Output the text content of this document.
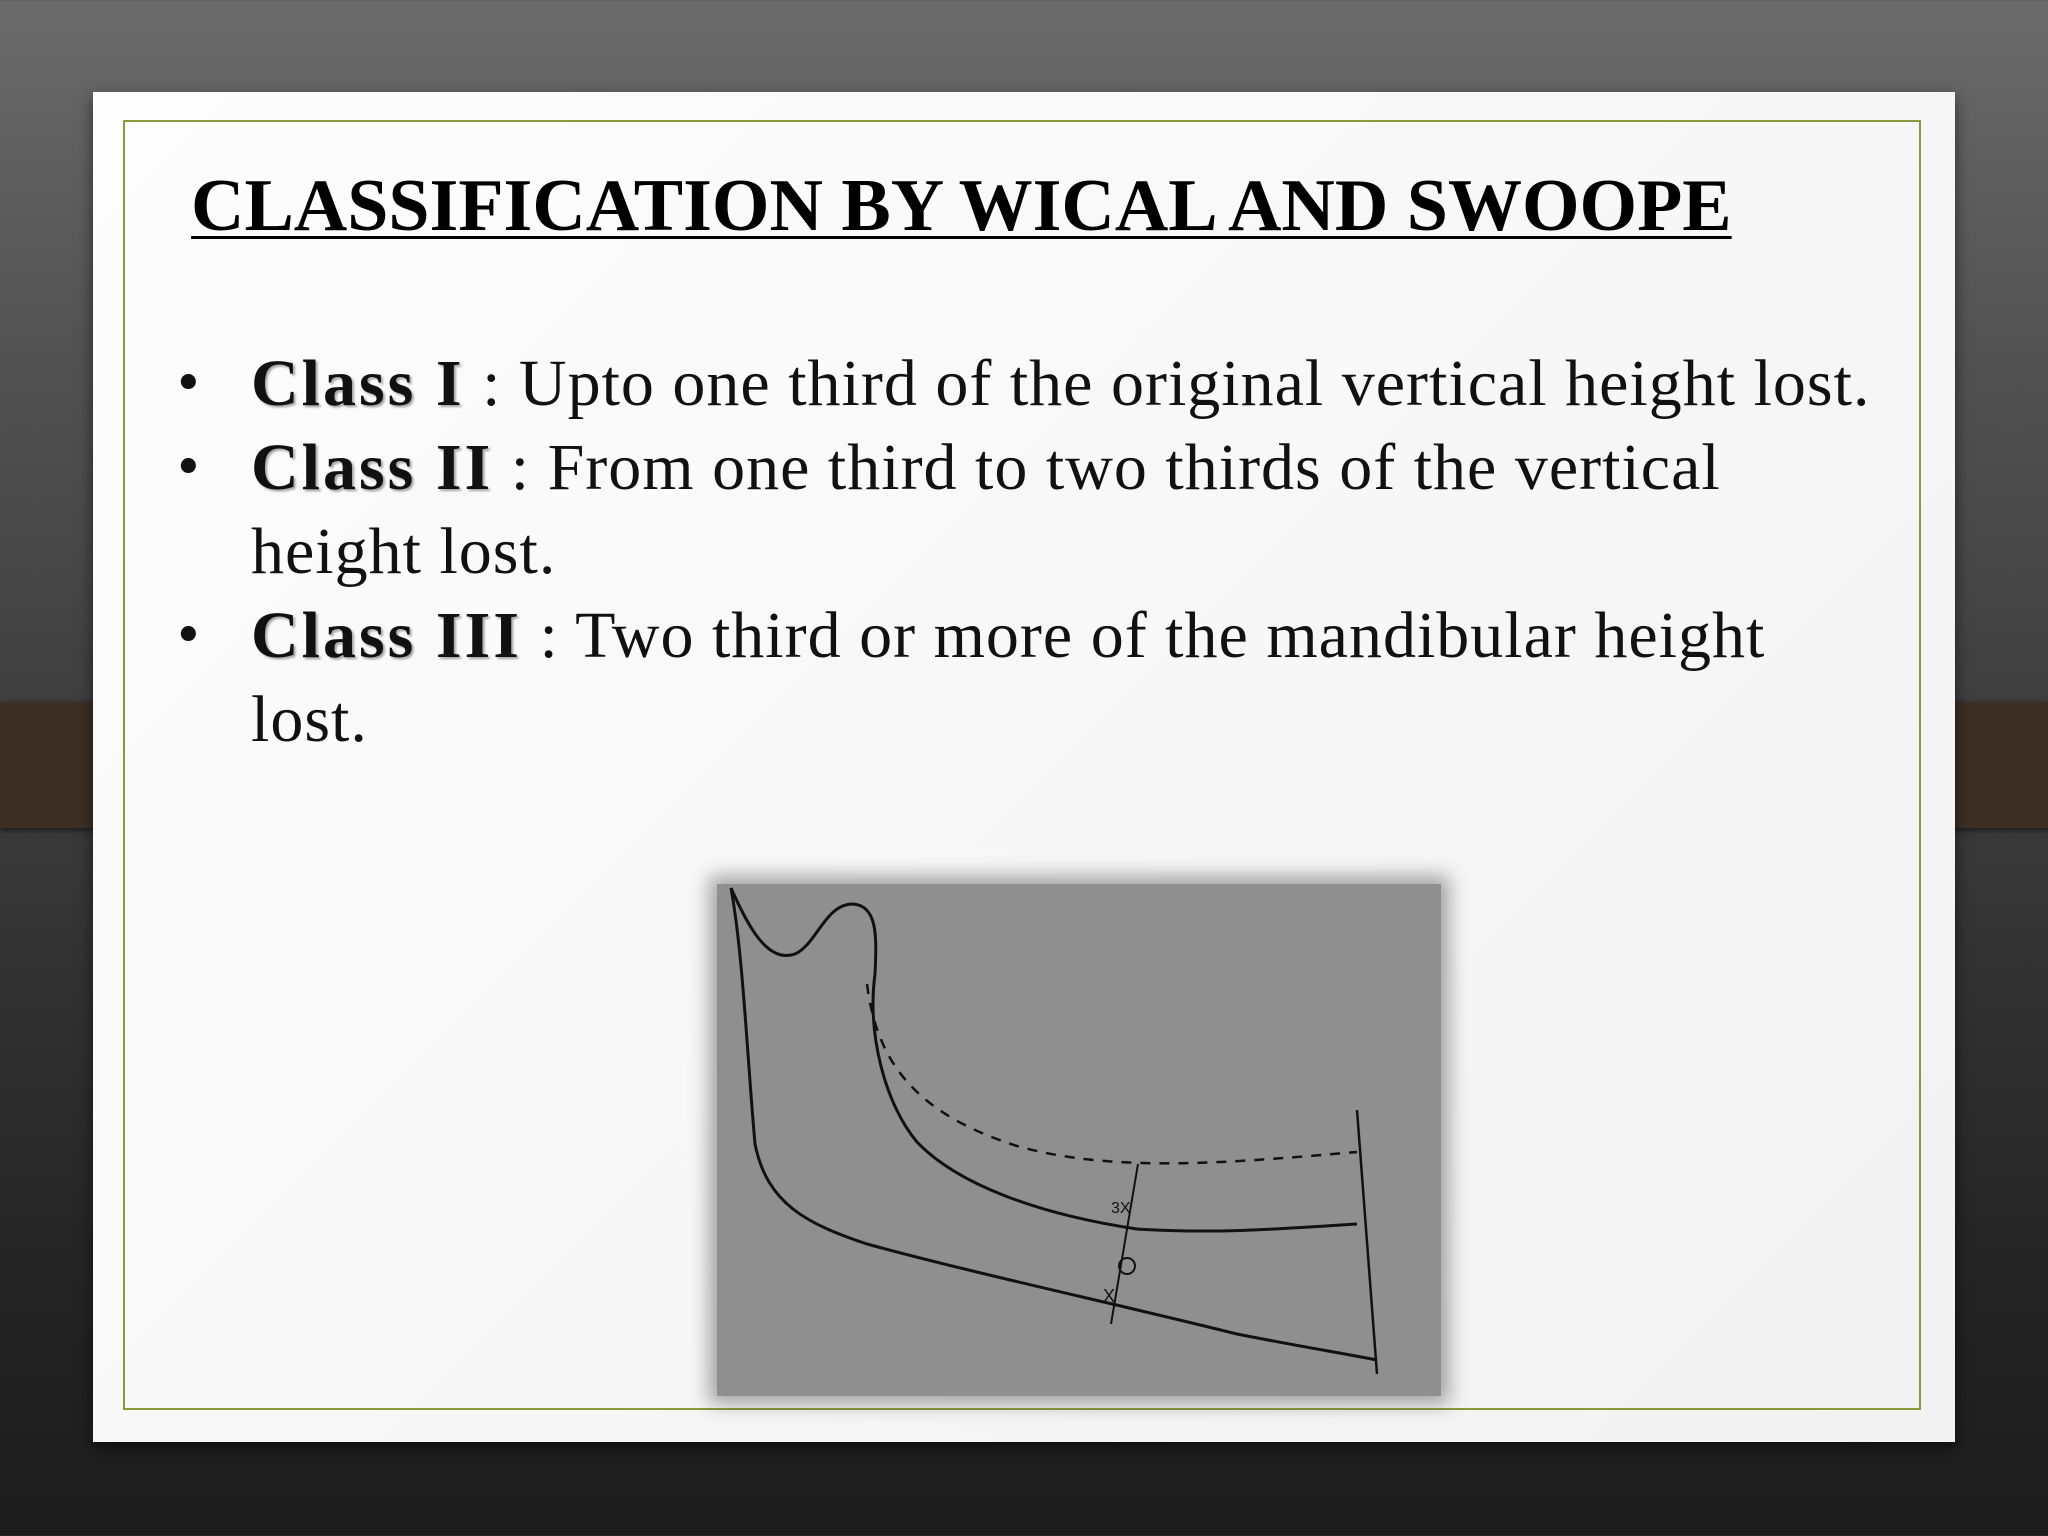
CLASSIFICATION BY WICAL AND SWOOPE
• Class I : Upto one third of the original vertical height lost.
• Class II : From one third to two thirds of the vertical height lost.
• Class III : Two third or more of the mandibular height lost.
3X
X
